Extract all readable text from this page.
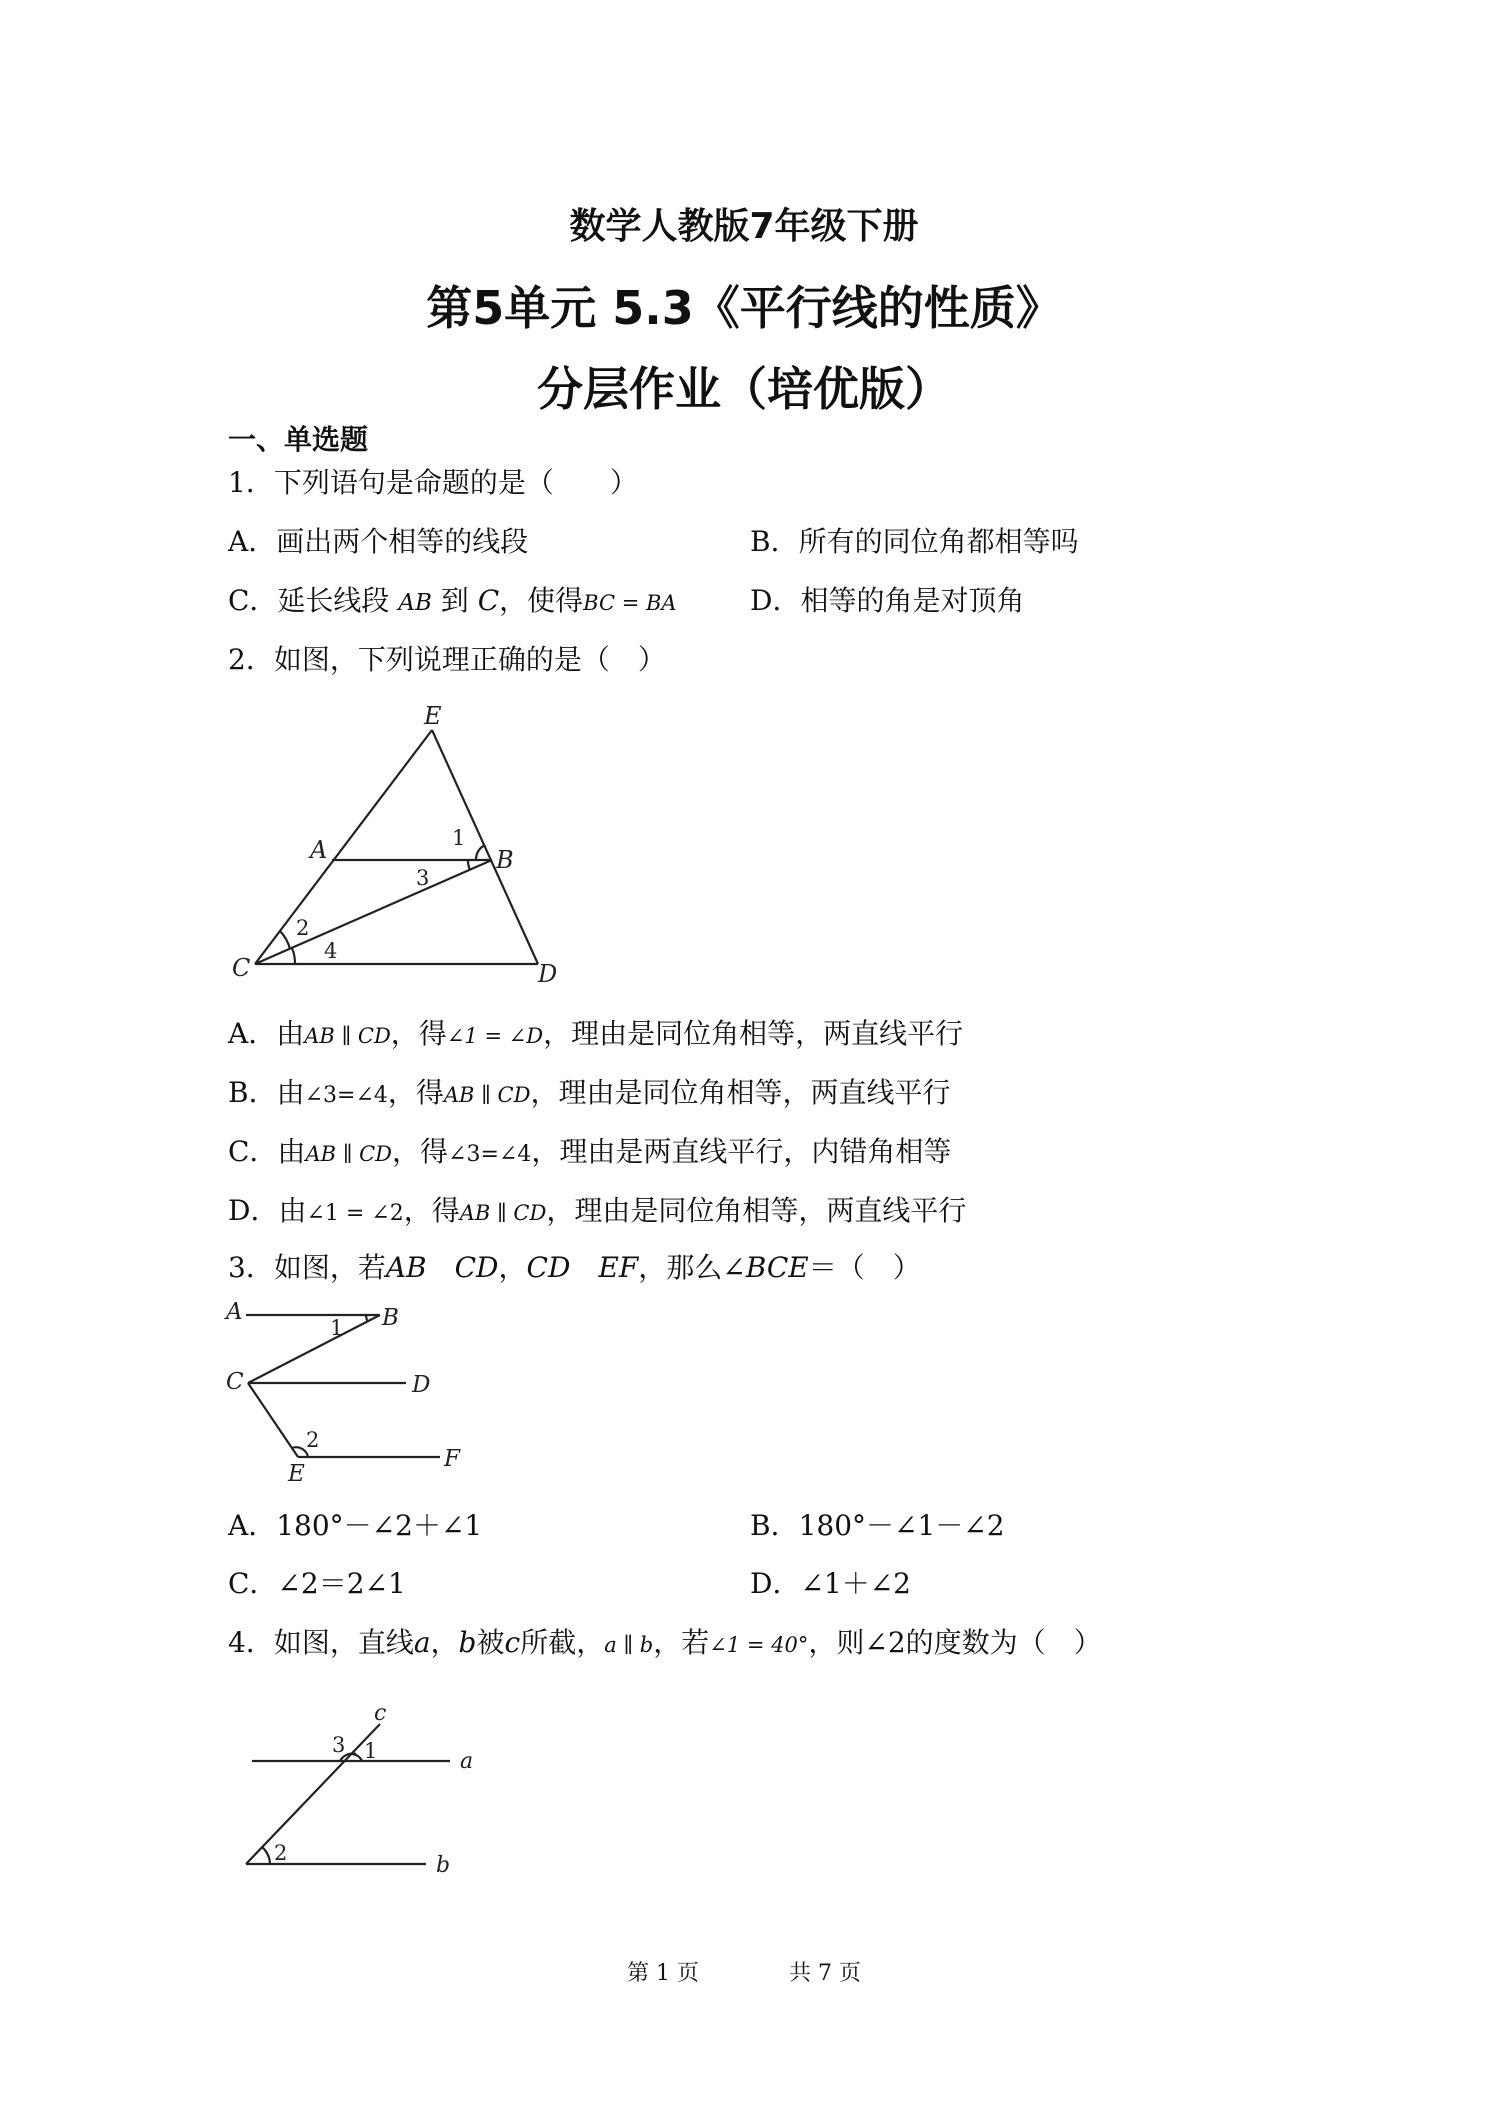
数学人教版7年级下册
第5单元 5.3《平行线的性质》
分层作业（培优版）
一、单选题
1．下列语句是命题的是（　　）
A．画出两个相等的线段	B．所有的同位角都相等吗
C．延长线段 AB 到 C，使得BC = BA	D．相等的角是对顶角
2．如图，下列说理正确的是（　）
E
A	B
C	D
1
3
2
4
A．由AB ∥ CD，得∠1 = ∠D，理由是同位角相等，两直线平行
B．由∠3=∠4，得AB ∥ CD，理由是同位角相等，两直线平行
C．由AB ∥ CD，得∠3=∠4，理由是两直线平行，内错角相等
D．由∠1 = ∠2，得AB ∥ CD，理由是同位角相等，两直线平行
3．如图，若AB　CD，CD　EF，那么∠BCE＝（　）
A	B
C	D
E
F
1
2
A．180°－∠2＋∠1	B．180°－∠1－∠2
C．∠2＝2∠1	D．∠1＋∠2
4．如图，直线a，b被c所截，a ∥ b，若∠1 = 40°，则∠2的度数为（　）
c
a
b
3 1
2
第 1 页	共 7 页
